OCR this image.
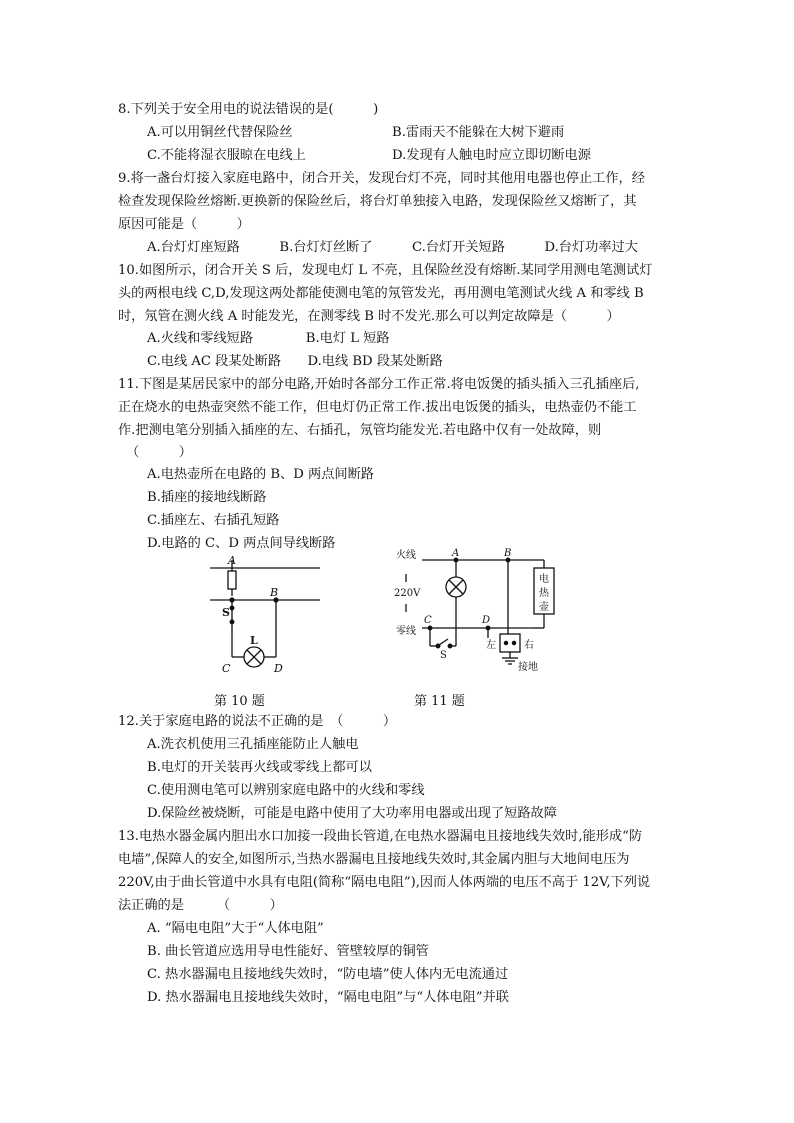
8.下列关于安全用电的说法错误的是(　　　)
A.可以用铜丝代替保险丝	B.雷雨天不能躲在大树下避雨
C.不能将湿衣服晾在电线上	D.发现有人触电时应立即切断电源
9.将一盏台灯接入家庭电路中，闭合开关，发现台灯不亮，同时其他用电器也停止工作，经
检查发现保险丝熔断.更换新的保险丝后，将台灯单独接入电路，发现保险丝又熔断了，其
原因可能是（　　　）
A.台灯灯座短路　　　B.台灯灯丝断了　　　C.台灯开关短路　　　D.台灯功率过大
10.如图所示，闭合开关 S 后，发现电灯 L 不亮，且保险丝没有熔断.某同学用测电笔测试灯
头的两根电线 C,D,发现这两处都能使测电笔的氖管发光，再用测电笔测试火线 A 和零线 B
时，氖管在测火线 A 时能发光，在测零线 B 时不发光.那么可以判定故障是（　　　）
A.火线和零线短路　　　　B.电灯 L 短路
C.电线 AC 段某处断路　　D.电线 BD 段某处断路
11.下图是某居民家中的部分电路,开始时各部分工作正常.将电饭煲的插头插入三孔插座后,
正在烧水的电热壶突然不能工作，但电灯仍正常工作.拔出电饭煲的插头，电热壶仍不能工
作.把测电笔分别插入插座的左、右插孔，氖管均能发光.若电路中仅有一处故障，则
（　　　）
A.电热壶所在电路的 B、D 两点间断路
B.插座的接地线断路
C.插座左、右插孔短路
D.电路的 C、D 两点间导线断路
A
B
S
L
C	D
火线
220V
零线
A	B
C	D
S
左	右
接地
电
热
壶
第 10 题	第 11 题
12.关于家庭电路的说法不正确的是　（　　　）
A.洗衣机使用三孔插座能防止人触电
B.电灯的开关装再火线或零线上都可以
C.使用测电笔可以辨别家庭电路中的火线和零线
D.保险丝被烧断，可能是电路中使用了大功率用电器或出现了短路故障
13.电热水器金属内胆出水口加接一段曲长管道,在电热水器漏电且接地线失效时,能形成“防
电墙”,保障人的安全,如图所示,当热水器漏电且接地线失效时,其金属内胆与大地间电压为
220V,由于曲长管道中水具有电阻(简称“隔电电阻”),因而人体两端的电压不高于 12V,下列说
法正确的是　　　（　　　）
A. “隔电电阻”大于“人体电阻”
B. 曲长管道应选用导电性能好、管壁较厚的铜管
C. 热水器漏电且接地线失效时，“防电墙”使人体内无电流通过
D. 热水器漏电且接地线失效时，“隔电电阻”与“人体电阻”并联
